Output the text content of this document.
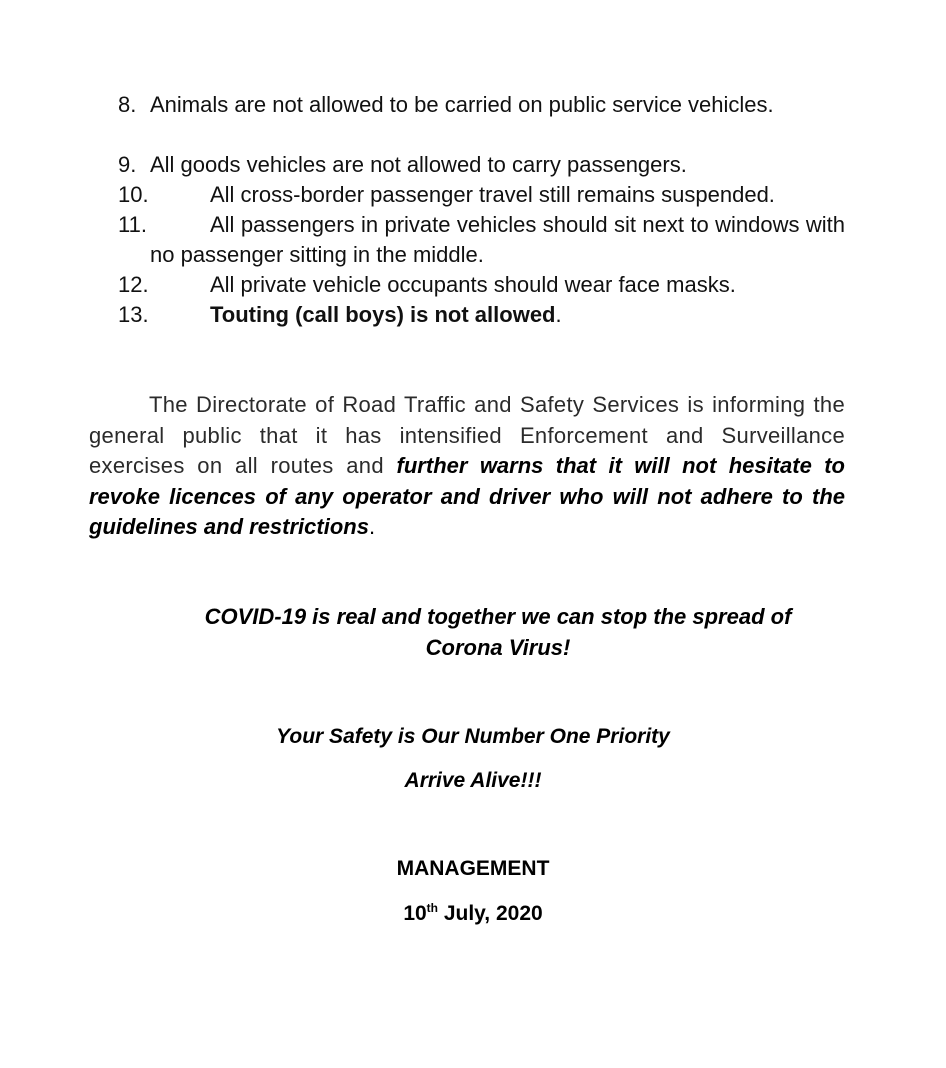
8. Animals are not allowed to be carried on public service vehicles.
9. All goods vehicles are not allowed to carry passengers.
10.	All cross-border passenger travel still remains suspended.
11.	All passengers in private vehicles should sit next to windows with no passenger sitting in the middle.
12.	All private vehicle occupants should wear face masks.
13.	Touting (call boys) is not allowed.
The Directorate of Road Traffic and Safety Services is informing the general public that it has intensified Enforcement and Surveillance exercises on all routes and further warns that it will not hesitate to revoke licences of any operator and driver who will not adhere to the guidelines and restrictions.
COVID-19 is real and together we can stop the spread of Corona Virus!
Your Safety is Our Number One Priority
Arrive Alive!!!
MANAGEMENT
10th July, 2020
